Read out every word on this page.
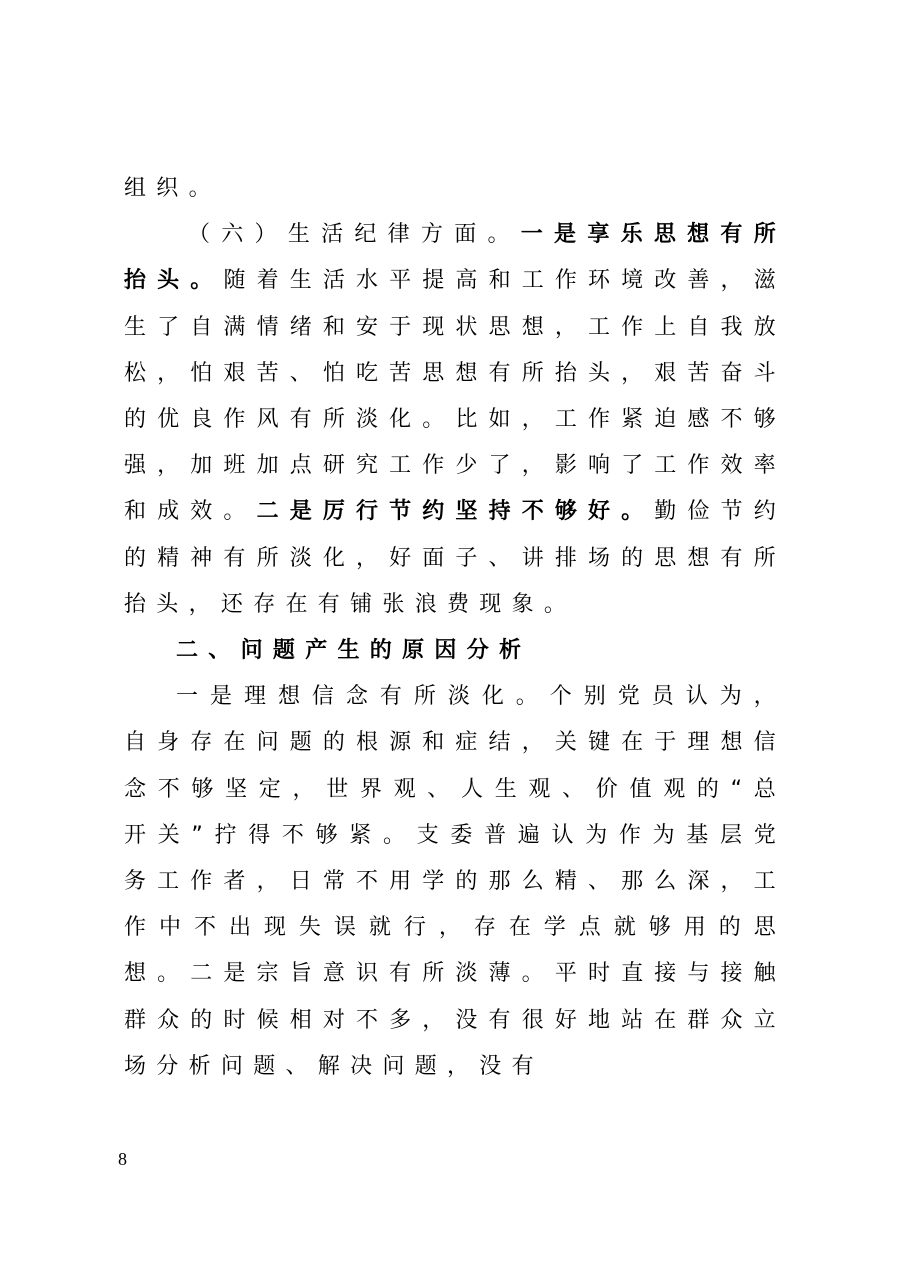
组织。

（六）生活纪律方面。一是享乐思想有所抬头。随着生活水平提高和工作环境改善，滋生了自满情绪和安于现状思想，工作上自我放松，怕艰苦、怕吃苦思想有所抬头，艰苦奋斗的优良作风有所淡化。比如，工作紧迫感不够强，加班加点研究工作少了，影响了工作效率和成效。二是厉行节约坚持不够好。勤俭节约的精神有所淡化，好面子、讲排场的思想有所抬头，还存在有铺张浪费现象。

二、问题产生的原因分析

一是理想信念有所淡化。个别党员认为，自身存在问题的根源和症结，关键在于理想信念不够坚定，世界观、人生观、价值观的“总开关”拧得不够紧。支委普遍认为作为基层党务工作者，日常不用学的那么精、那么深，工作中不出现失误就行，存在学点就够用的思想。二是宗旨意识有所淡薄。平时直接与接触群众的时候相对不多，没有很好地站在群众立场分析问题、解决问题，没有

8
